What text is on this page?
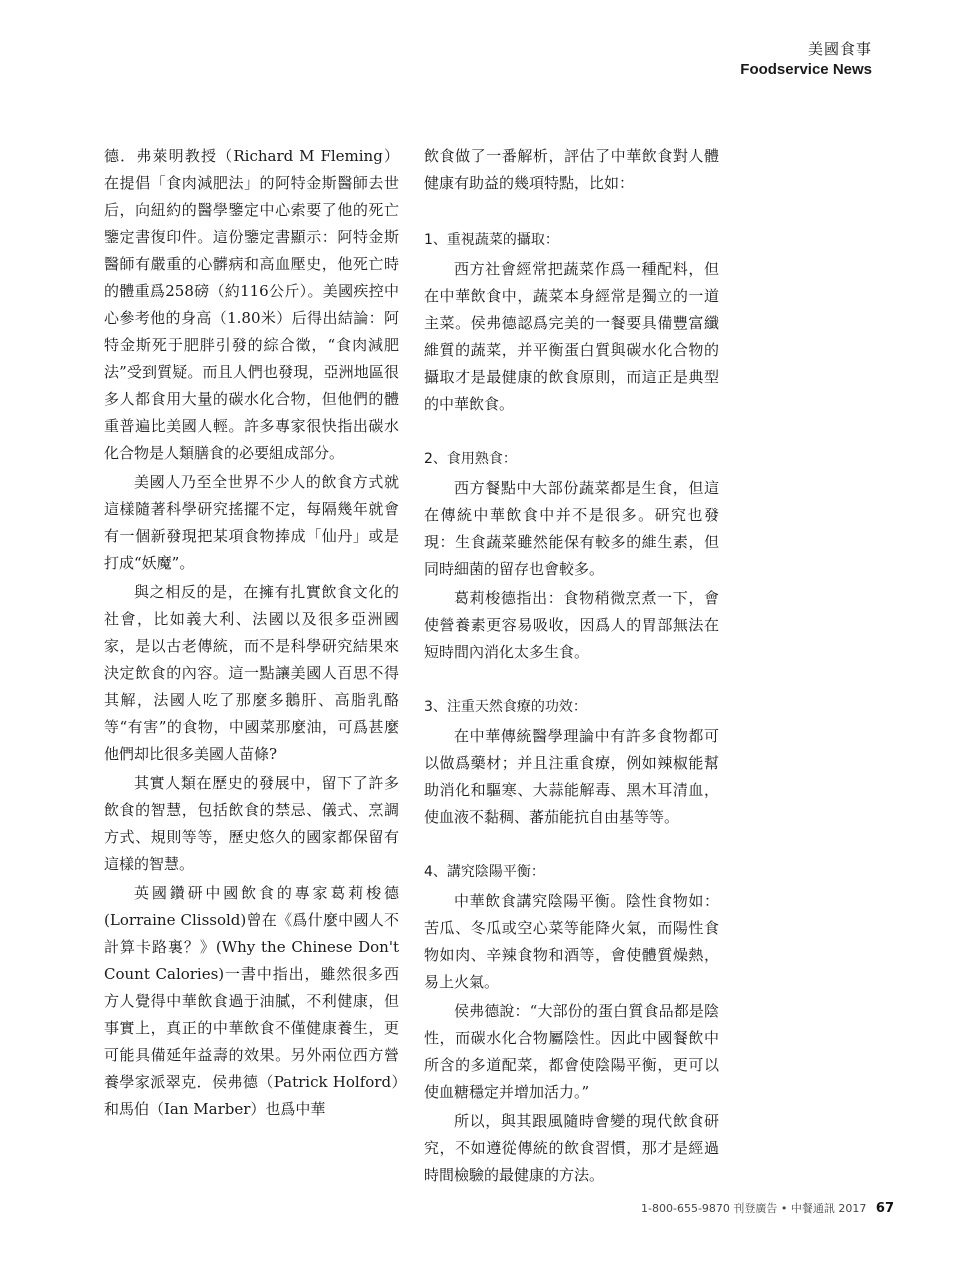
美國食事
Foodservice News

德．弗萊明教授（Richard M Fleming）在提倡「食肉減肥法」的阿特金斯醫師去世后，向紐約的醫學鑒定中心索要了他的死亡鑒定書復印件。這份鑒定書顯示：阿特金斯醫師有嚴重的心髒病和高血壓史，他死亡時的體重爲258磅（約116公斤）。美國疾控中心參考他的身高（1.80米）后得出結論：阿特金斯死于肥胖引發的綜合徵，“食肉減肥法”受到質疑。而且人們也發現，亞洲地區很多人都食用大量的碳水化合物，但他們的體重普遍比美國人輕。許多專家很快指出碳水化合物是人類膳食的必要組成部分。

美國人乃至全世界不少人的飲食方式就這樣隨著科學研究搖擺不定，每隔幾年就會有一個新發現把某項食物捧成「仙丹」或是打成“妖魔”。

與之相反的是，在擁有扎實飲食文化的社會，比如義大利、法國以及很多亞洲國家，是以古老傳統，而不是科學研究結果來決定飲食的內容。這一點讓美國人百思不得其解，法國人吃了那麼多鵝肝、高脂乳酪等“有害”的食物，中國菜那麼油，可爲甚麼他們却比很多美國人苗條?

其實人類在歷史的發展中，留下了許多飲食的智慧，包括飲食的禁忌、儀式、烹調方式、規則等等，歷史悠久的國家都保留有這樣的智慧。

英國鑽研中國飲食的專家葛莉梭德(Lorraine Clissold)曾在《爲什麼中國人不計算卡路裏？》(Why the Chinese Don't Count Calories)一書中指出，雖然很多西方人覺得中華飲食過于油膩，不利健康，但事實上，真正的中華飲食不僅健康養生，更可能具備延年益壽的效果。另外兩位西方營養學家派翠克．侯弗德（Patrick Holford）和馬伯（Ian Marber）也爲中華

飲食做了一番解析，評估了中華飲食對人體健康有助益的幾項特點，比如：

1、重視蔬菜的攝取：

西方社會經常把蔬菜作爲一種配料，但在中華飲食中，蔬菜本身經常是獨立的一道主菜。侯弗德認爲完美的一餐要具備豐富纖維質的蔬菜，并平衡蛋白質與碳水化合物的攝取才是最健康的飲食原則，而這正是典型的中華飲食。

2、食用熟食：

西方餐點中大部份蔬菜都是生食，但這在傳統中華飲食中并不是很多。研究也發現：生食蔬菜雖然能保有較多的維生素，但同時細菌的留存也會較多。

葛莉梭德指出：食物稍微烹煮一下，會使營養素更容易吸收，因爲人的胃部無法在短時間內消化太多生食。

3、注重天然食療的功效：

在中華傳統醫學理論中有許多食物都可以做爲藥材；并且注重食療，例如辣椒能幫助消化和驅寒、大蒜能解毒、黑木耳清血，使血液不黏稠、蕃茄能抗自由基等等。

4、講究陰陽平衡：

中華飲食講究陰陽平衡。陰性食物如：苦瓜、冬瓜或空心菜等能降火氣，而陽性食物如肉、辛辣食物和酒等，會使體質燥熱，易上火氣。

侯弗德說：“大部份的蛋白質食品都是陰性，而碳水化合物屬陰性。因此中國餐飲中所含的多道配菜，都會使陰陽平衡，更可以使血糖穩定并增加活力。”

所以，與其跟風隨時會變的現代飲食研究，不如遵從傳統的飲食習慣，那才是經過時間檢驗的最健康的方法。

1-800-655-9870 刊登廣告 • 中餐通訊 2017 67
